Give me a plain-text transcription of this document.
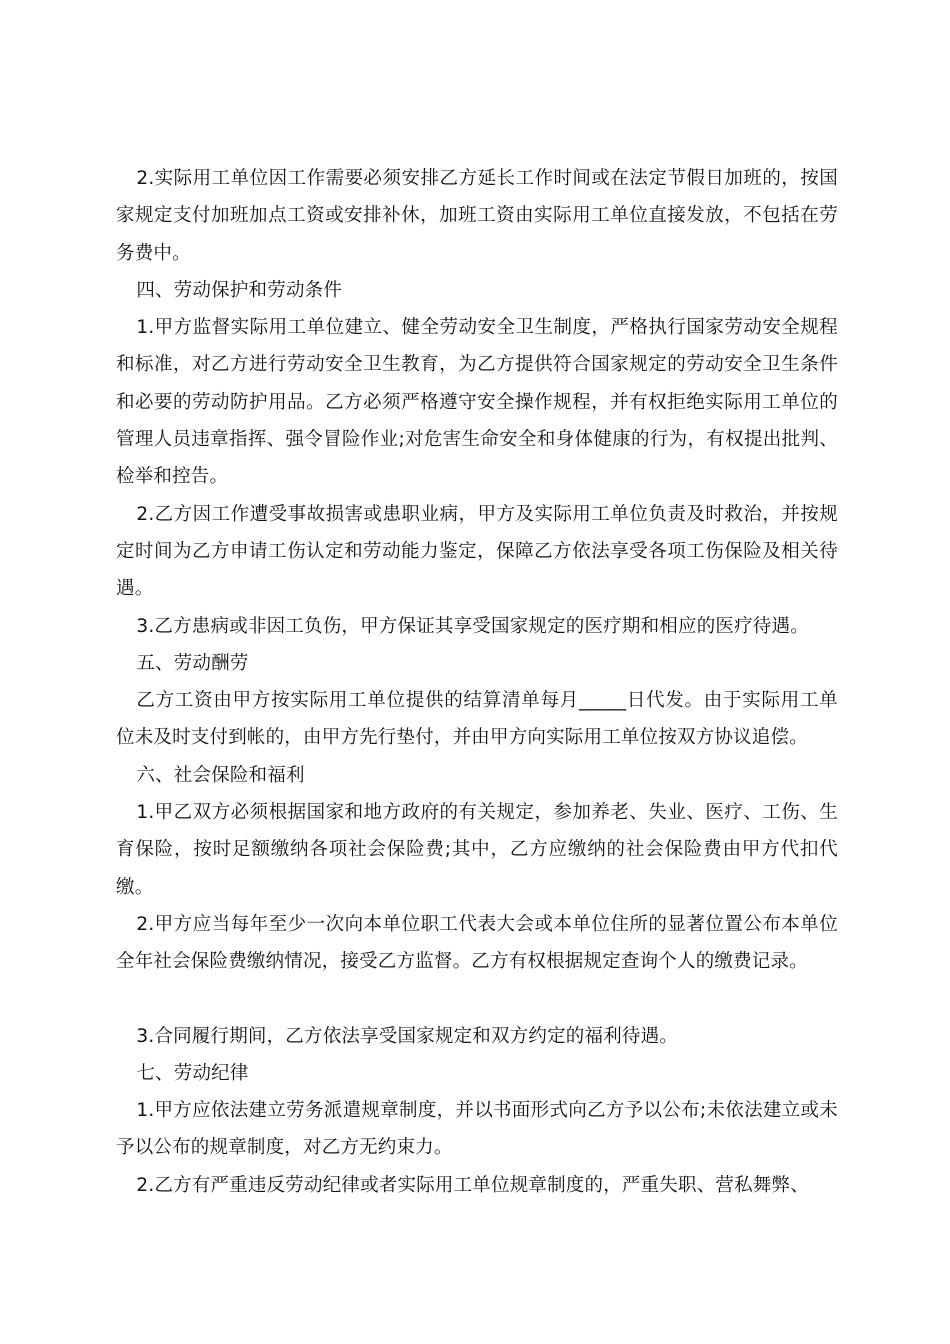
2.实际用工单位因工作需要必须安排乙方延长工作时间或在法定节假日加班的，按国家规定支付加班加点工资或安排补休，加班工资由实际用工单位直接发放，不包括在劳务费中。

四、劳动保护和劳动条件

1.甲方监督实际用工单位建立、健全劳动安全卫生制度，严格执行国家劳动安全规程和标准，对乙方进行劳动安全卫生教育，为乙方提供符合国家规定的劳动安全卫生条件和必要的劳动防护用品。乙方必须严格遵守安全操作规程，并有权拒绝实际用工单位的管理人员违章指挥、强令冒险作业;对危害生命安全和身体健康的行为，有权提出批判、检举和控告。

2.乙方因工作遭受事故损害或患职业病，甲方及实际用工单位负责及时救治，并按规定时间为乙方申请工伤认定和劳动能力鉴定，保障乙方依法享受各项工伤保险及相关待遇。

3.乙方患病或非因工负伤，甲方保证其享受国家规定的医疗期和相应的医疗待遇。

五、劳动酬劳

乙方工资由甲方按实际用工单位提供的结算清单每月_____日代发。由于实际用工单位未及时支付到帐的，由甲方先行垫付，并由甲方向实际用工单位按双方协议追偿。

六、社会保险和福利

1.甲乙双方必须根据国家和地方政府的有关规定，参加养老、失业、医疗、工伤、生育保险，按时足额缴纳各项社会保险费;其中，乙方应缴纳的社会保险费由甲方代扣代缴。

2.甲方应当每年至少一次向本单位职工代表大会或本单位住所的显著位置公布本单位全年社会保险费缴纳情况，接受乙方监督。乙方有权根据规定查询个人的缴费记录。

3.合同履行期间，乙方依法享受国家规定和双方约定的福利待遇。

七、劳动纪律

1.甲方应依法建立劳务派遣规章制度，并以书面形式向乙方予以公布;未依法建立或未予以公布的规章制度，对乙方无约束力。

2.乙方有严重违反劳动纪律或者实际用工单位规章制度的，严重失职、营私舞弊、
